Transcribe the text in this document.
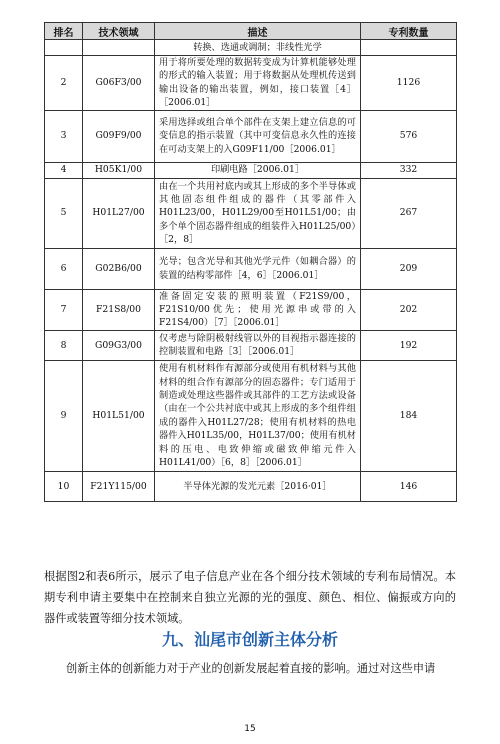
排名	技术领域	描述	专利数量
		转换、选通或调制；非线性光学	
2	G06F3/00	用于将所要处理的数据转变成为计算机能够处理的形式的输入装置；用于将数据从处理机传送到输出设备的输出装置，例如，接口装置［4］［2006.01］	1126
3	G09F9/00	采用选择或组合单个部件在支架上建立信息的可变信息的指示装置（其中可变信息永久性的连接在可动支架上的入G09F11/00［2006.01］	576
4	H05K1/00	印刷电路［2006.01］	332
5	H01L27/00	由在一个共用衬底内或其上形成的多个半导体或其他固态组件组成的器件（其零部件入H01L23/00，H01L29/00至H01L51/00；由多个单个固态器件组成的组装件入H01L25/00）［2，8］	267
6	G02B6/00	光导；包含光导和其他光学元件（如耦合器）的装置的结构零部件［4，6］［2006.01］	209
7	F21S8/00	准备固定安装的照明装置（F21S9/00，F21S10/00优先；使用光源串或带的入F21S4/00）［7］［2006.01］	202
8	G09G3/00	仅考虑与除阴极射线管以外的目视指示器连接的控制装置和电路［3］［2006.01］	192
9	H01L51/00	使用有机材料作有源部分或使用有机材料与其他材料的组合作有源部分的固态器件；专门适用于制造或处理这些器件或其部件的工艺方法或设备（由在一个公共衬底中或其上形成的多个组件组成的器件入H01L27/28；使用有机材料的热电器件入H01L35/00，H01L37/00；使用有机材料的压电、电致伸缩或磁致伸缩元件入H01L41/00）［6，8］［2006.01］	184
10	F21Y115/00	半导体光源的发光元素［2016·01］	146

根据图2和表6所示，展示了电子信息产业在各个细分技术领域的专利布局情况。本期专利申请主要集中在控制来自独立光源的光的强度、颜色、相位、偏振或方向的器件或装置等细分技术领域。

九、汕尾市创新主体分析

创新主体的创新能力对于产业的创新发展起着直接的影响。通过对这些申请

15
